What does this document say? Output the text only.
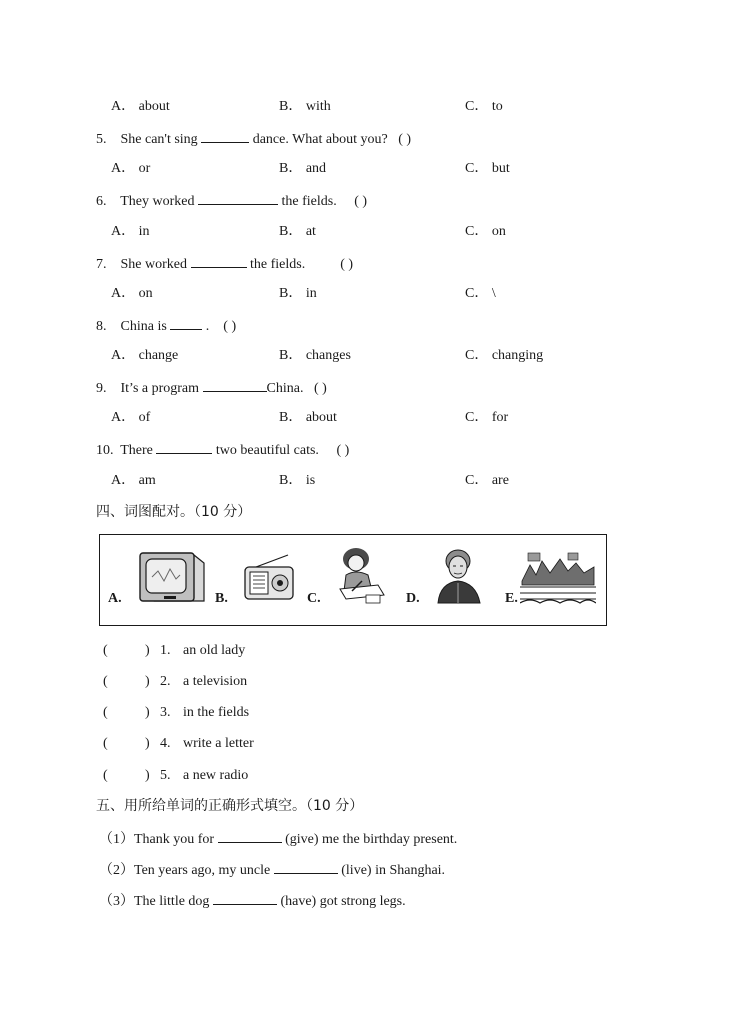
A． about	B． with	C． to
5. She can't sing	dance. What about you? ( )
A． or	B． and	C． but
6. They worked	the fields. ( )
A． in	B． at	C． on
7. She worked	the fields.	( )
A． on	B． in	C． \
8. China is	. ( )
A． change	B． changes	C． changing
9. It’s a program	China. ( )
A． of	B． about	C． for
10. There	two beautiful cats. ( )
A． am	B． is	C． are
四、词图配对。（10 分）
A.	B.	C.	D.	E.
(	) 1. an old lady
(	) 2. a television
(	) 3. in the fields
(	) 4. write a letter
(	) 5. a new radio
五、用所给单词的正确形式填空。（10 分）
（1）Thank you for	(give) me the birthday present.
（2）Ten years ago, my uncle	(live) in Shanghai.
（3）The little dog	(have) got strong legs.
